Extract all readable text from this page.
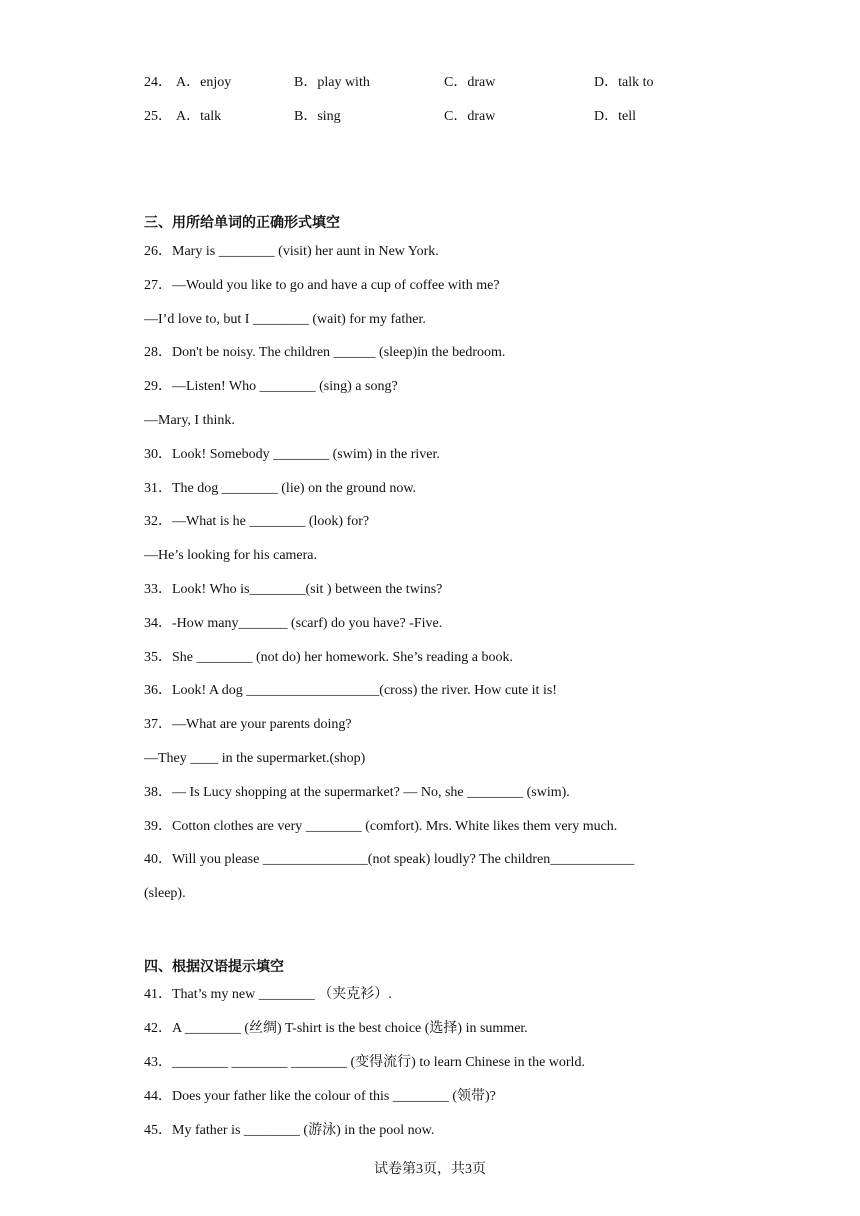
24． A．enjoy	B．play with	C．draw	D．talk to
25． A．talk	B．sing	C．draw	D．tell
三、用所给单词的正确形式填空
26．Mary is ________ (visit) her aunt in New York.
27．—Would you like to go and have a cup of coffee with me?
—I’d love to, but I ________ (wait) for my father.
28．Don't be noisy. The children ______ (sleep)in the bedroom.
29．—Listen! Who ________ (sing) a song?
—Mary, I think.
30．Look! Somebody ________ (swim) in the river.
31．The dog ________ (lie) on the ground now.
32．—What is he ________ (look) for?
—He’s looking for his camera.
33．Look! Who is________(sit ) between the twins?
34．-How many_______ (scarf) do you have? -Five.
35．She ________ (not do) her homework. She’s reading a book.
36．Look! A dog ___________________(cross) the river. How cute it is!
37．—What are your parents doing?
—They ____ in the supermarket.(shop)
38．— Is Lucy shopping at the supermarket? — No, she ________ (swim).
39．Cotton clothes are very ________ (comfort). Mrs. White likes them very much.
40．Will you please _______________(not speak) loudly? The children____________
(sleep).
四、根据汉语提示填空
41．That’s my new ________ （夹克衫）.
42．A ________ (丝绸) T-shirt is the best choice (选择) in summer.
43．________ ________ ________ (变得流行) to learn Chinese in the world.
44．Does your father like the colour of this ________ (领带)?
45．My father is ________ (游泳) in the pool now.
试卷第3页，共3页
